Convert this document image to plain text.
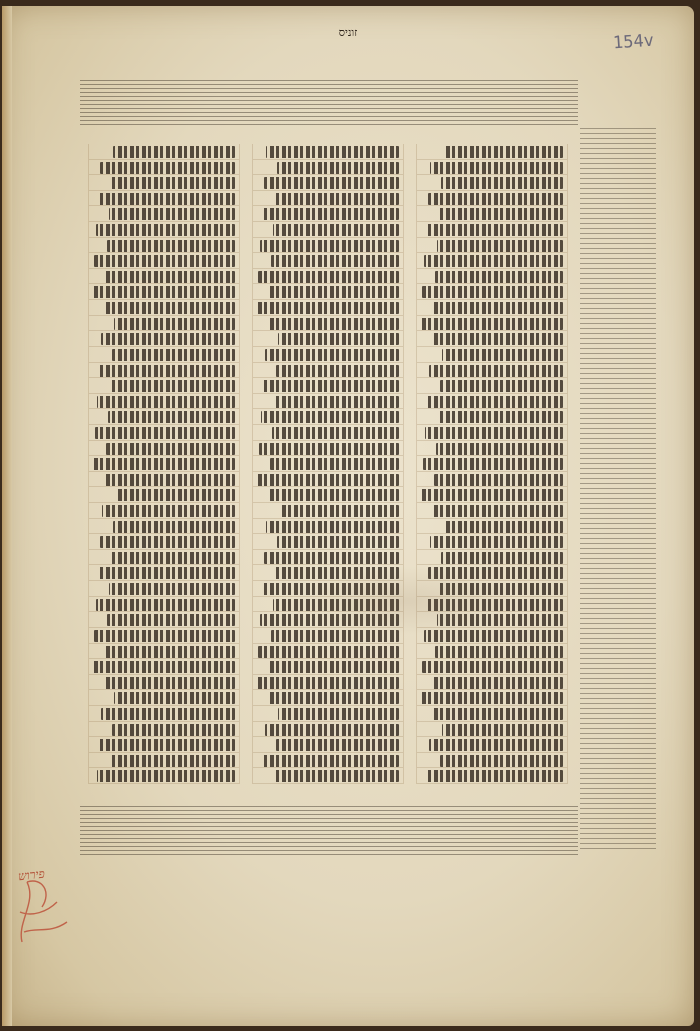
זוניס	154v
פירוש
